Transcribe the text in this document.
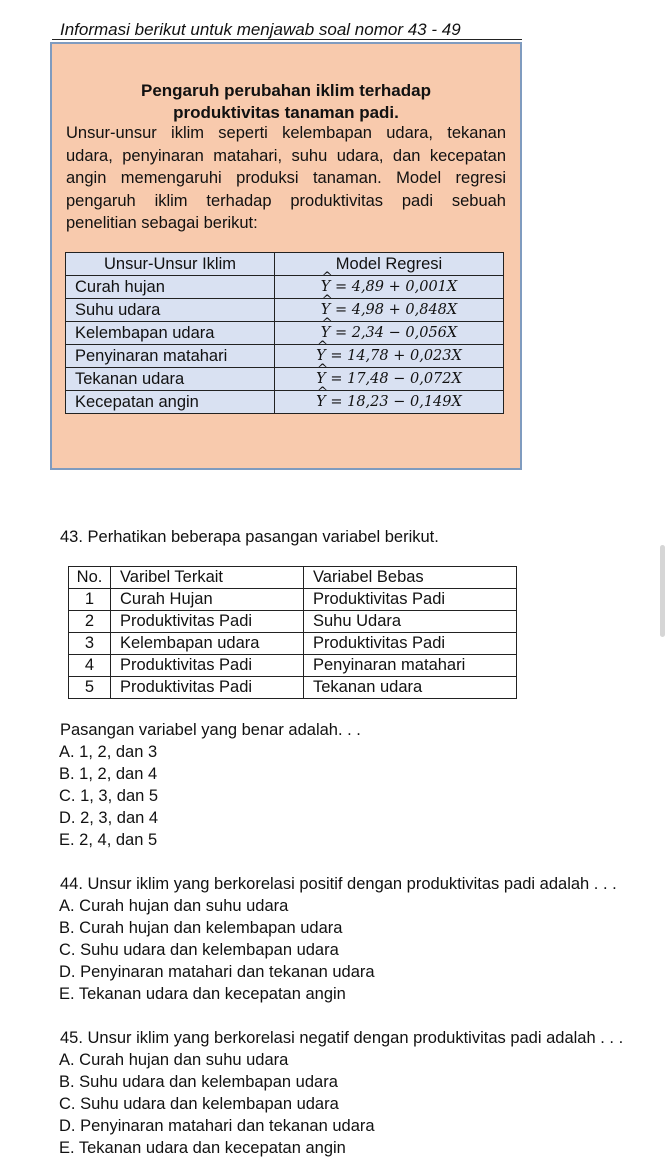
Informasi berikut untuk menjawab soal nomor 43 - 49
Pengaruh perubahan iklim terhadap
produktivitas tanaman padi.
Unsur-unsur iklim seperti kelembapan udara, tekanan udara, penyinaran matahari, suhu udara, dan kecepatan angin memengaruhi produksi tanaman. Model regresi pengaruh iklim terhadap produktivitas padi sebuah penelitian sebagai berikut:
Unsur-Unsur Iklim	Model Regresi
Curah hujan	^ Y = 4,89 + 0,001X
Suhu udara	^ Y = 4,98 + 0,848X
Kelembapan udara	^ Y = 2,34 − 0,056X
Penyinaran matahari	^ Y = 14,78 + 0,023X
Tekanan udara	^ Y = 17,48 − 0,072X
Kecepatan angin	^ Y = 18,23 − 0,149X
43. Perhatikan beberapa pasangan variabel berikut.
No.	Varibel Terkait	Variabel Bebas
1	Curah Hujan	Produktivitas Padi
2	Produktivitas Padi	Suhu Udara
3	Kelembapan udara	Produktivitas Padi
4	Produktivitas Padi	Penyinaran matahari
5	Produktivitas Padi	Tekanan udara
Pasangan variabel yang benar adalah. . .
A. 1, 2, dan 3
B. 1, 2, dan 4
C. 1, 3, dan 5
D. 2, 3, dan 4
E. 2, 4, dan 5
44. Unsur iklim yang berkorelasi positif dengan produktivitas padi adalah . . .
A. Curah hujan dan suhu udara
B. Curah hujan dan kelembapan udara
C. Suhu udara dan kelembapan udara
D. Penyinaran matahari dan tekanan udara
E. Tekanan udara dan kecepatan angin
45. Unsur iklim yang berkorelasi negatif dengan produktivitas padi adalah . . .
A. Curah hujan dan suhu udara
B. Suhu udara dan kelembapan udara
C. Suhu udara dan kelembapan udara
D. Penyinaran matahari dan tekanan udara
E. Tekanan udara dan kecepatan angin
